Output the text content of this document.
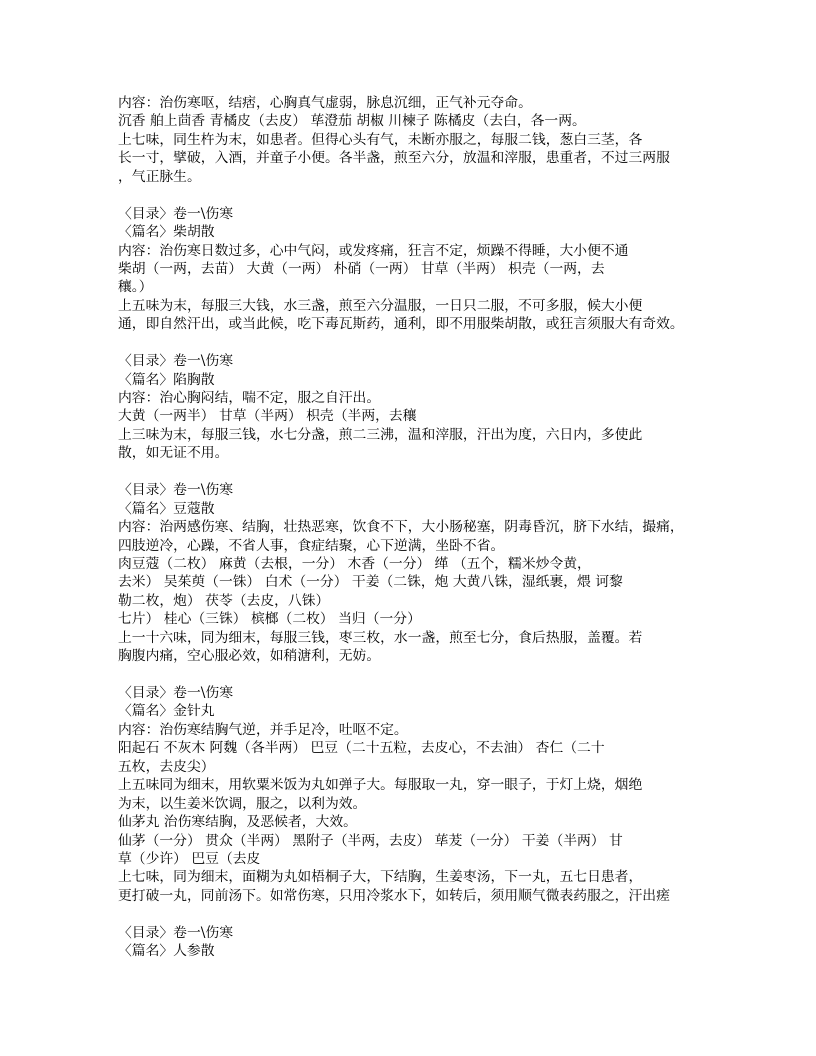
内容：治伤寒呕，结痞，心胸真气虚弱，脉息沉细，正气补元夺命。
沉香 舶上茴香 青橘皮（去皮） 荜澄茄 胡椒 川楝子 陈橘皮（去白，各一两。
上七味，同生杵为末，如患者。但得心头有气，未断亦服之，每服二钱，葱白三茎，各
长一寸，擘破，入酒，并童子小便。各半盏，煎至六分，放温和滓服，患重者，不过三两服
，气正脉生。
〈目录〉卷一\伤寒
〈篇名〉柴胡散
内容：治伤寒日数过多，心中气闷，或发疼痛，狂言不定，烦躁不得睡，大小便不通
柴胡（一两，去苗） 大黄（一两） 朴硝（一两） 甘草（半两） 枳壳（一两，去
穰。）
上五味为末，每服三大钱，水三盏，煎至六分温服，一日只二服，不可多服，候大小便
通，即自然汗出，或当此候，吃下毒瓦斯药，通利，即不用服柴胡散，或狂言须服大有奇效。
〈目录〉卷一\伤寒
〈篇名〉陷胸散
内容：治心胸闷结，喘不定，服之自汗出。
大黄（一两半） 甘草（半两） 枳壳（半两，去穰
上三味为末，每服三钱，水七分盏，煎二三沸，温和滓服，汗出为度，六日内，多使此
散，如无证不用。
〈目录〉卷一\伤寒
〈篇名〉豆蔻散
内容：治两感伤寒、结胸，壮热恶寒，饮食不下，大小肠秘塞，阴毒昏沉，脐下水结，撮痛，
四肢逆冷，心躁，不省人事，食症结聚，心下逆满，坐卧不省。
肉豆蔻（二枚） 麻黄（去根，一分） 木香（一分） 缂 （五个，糯米炒令黄，
去米） 吴茱萸（一铢） 白术（一分） 干姜（二铢，炮 大黄八铢，湿纸裹，煨 诃黎
勒二枚，炮） 茯苓（去皮，八铢）
七片） 桂心（三铢） 槟榔（二枚） 当归（一分）
上一十六味，同为细末，每服三钱，枣三枚，水一盏，煎至七分，食后热服，盖覆。若
胸腹内痛，空心服必效，如稍溏利，无妨。
〈目录〉卷一\伤寒
〈篇名〉金针丸
内容：治伤寒结胸气逆，并手足冷，吐呕不定。
阳起石 不灰木 阿魏（各半两） 巴豆（二十五粒，去皮心，不去油） 杏仁（二十
五枚，去皮尖）
上五味同为细末，用软粟米饭为丸如弹子大。每服取一丸，穿一眼子，于灯上烧，烟绝
为末，以生姜米饮调，服之，以利为效。
仙茅丸 治伤寒结胸，及恶候者，大效。
仙茅（一分） 贯众（半两） 黑附子（半两，去皮） 荜茇（一分） 干姜（半两） 甘
草（少许） 巴豆（去皮
上七味，同为细末，面糊为丸如梧桐子大，下结胸，生姜枣汤，下一丸，五七日患者，
更打破一丸，同前汤下。如常伤寒，只用冷浆水下，如转后，须用顺气微表药服之，汗出瘥
〈目录〉卷一\伤寒
〈篇名〉人参散
